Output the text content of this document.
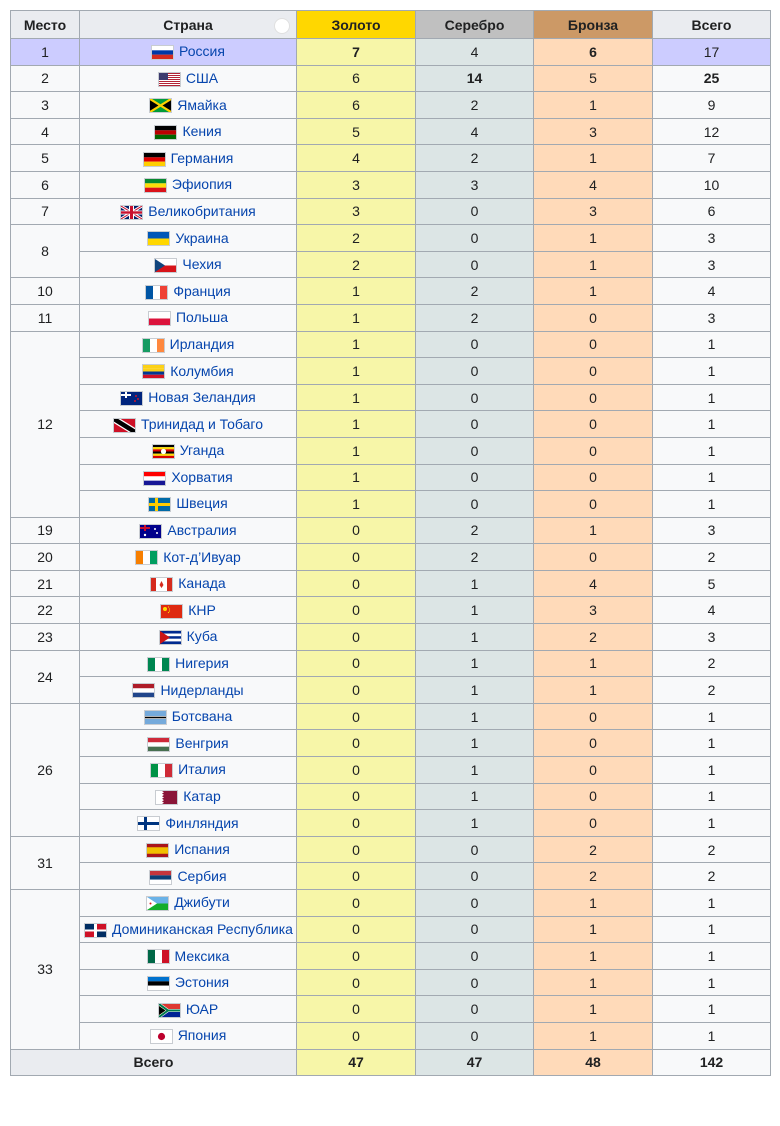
Место	Страна	Золото	Серебро	Бронза	Всего
1	Россия	7	4	6	17
2	США	6	14	5	25
3	Ямайка	6	2	1	9
4	Кения	5	4	3	12
5	Германия	4	2	1	7
6	Эфиопия	3	3	4	10
7	Великобритания	3	0	3	6
8	Украина	2	0	1	3

Чехия	2	0	1	3
10	Франция	1	2	1	4
11	Польша	1	2	0	3
12	Ирландия	1	0	0	1

Колумбия	1	0	0	1

Новая Зеландия	1	0	0	1

Тринидад и Тобаго	1	0	0	1

Уганда	1	0	0	1

Хорватия	1	0	0	1

Швеция	1	0	0	1
19	Австралия	0	2	1	3
20	Кот-д’Ивуар	0	2	0	2
21	Канада	0	1	4	5
22	КНР	0	1	3	4
23	Куба	0	1	2	3
24	Нигерия	0	1	1	2

Нидерланды	0	1	1	2
26	Ботсвана	0	1	0	1

Венгрия	0	1	0	1

Италия	0	1	0	1

Катар	0	1	0	1

Финляндия	0	1	0	1
31	Испания	0	0	2	2

Сербия	0	0	2	2
33	Джибути	0	0	1	1

Доминиканская Республика	0	0	1	1

Мексика	0	0	1	1

Эстония	0	0	1	1

ЮАР	0	0	1	1

Япония	0	0	1	1
Всего		47	47	48	142
